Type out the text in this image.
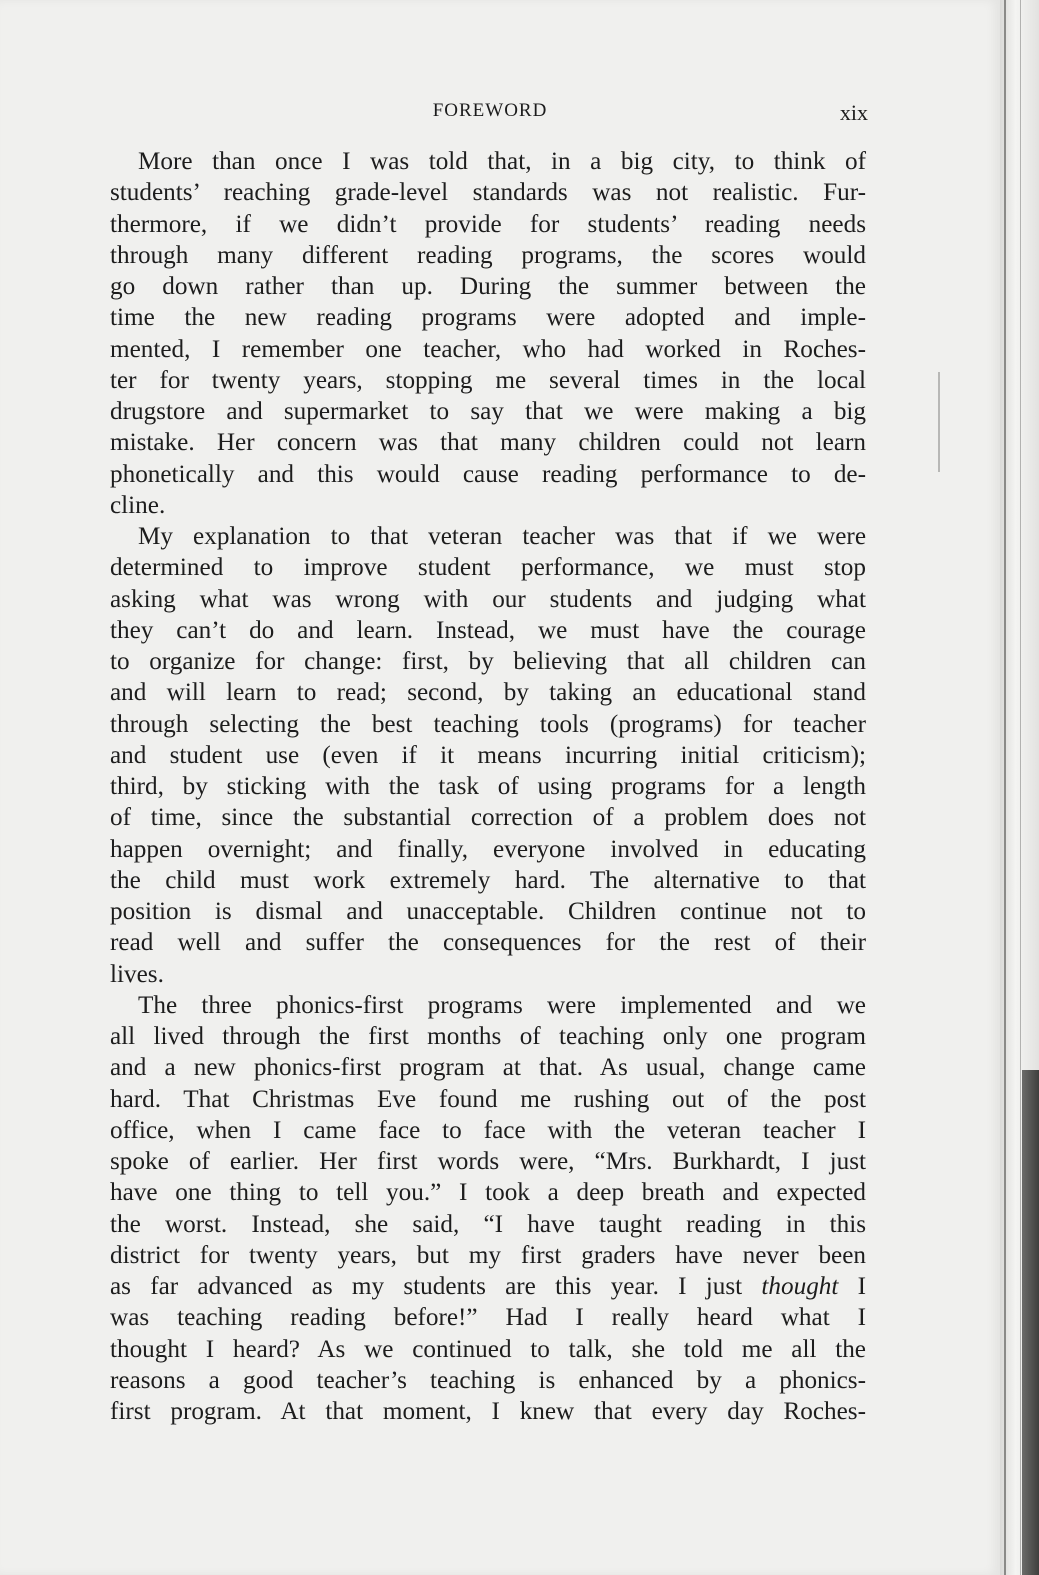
FOREWORD	xix

More than once I was told that, in a big city, to think of

students’ reaching grade-level standards was not realistic. Fur-

thermore, if we didn’t provide for students’ reading needs

through many different reading programs, the scores would

go down rather than up. During the summer between the

time the new reading programs were adopted and imple-

mented, I remember one teacher, who had worked in Roches-

ter for twenty years, stopping me several times in the local

drugstore and supermarket to say that we were making a big

mistake. Her concern was that many children could not learn

phonetically and this would cause reading performance to de-

cline.

My explanation to that veteran teacher was that if we were

determined to improve student performance, we must stop

asking what was wrong with our students and judging what

they can’t do and learn. Instead, we must have the courage

to organize for change: first, by believing that all children can

and will learn to read; second, by taking an educational stand

through selecting the best teaching tools (programs) for teacher

and student use (even if it means incurring initial criticism);

third, by sticking with the task of using programs for a length

of time, since the substantial correction of a problem does not

happen overnight; and finally, everyone involved in educating

the child must work extremely hard. The alternative to that

position is dismal and unacceptable. Children continue not to

read well and suffer the consequences for the rest of their

lives.

The three phonics-first programs were implemented and we

all lived through the first months of teaching only one program

and a new phonics-first program at that. As usual, change came

hard. That Christmas Eve found me rushing out of the post

office, when I came face to face with the veteran teacher I

spoke of earlier. Her first words were, “Mrs. Burkhardt, I just

have one thing to tell you.” I took a deep breath and expected

the worst. Instead, she said, “I have taught reading in this

district for twenty years, but my first graders have never been

as far advanced as my students are this year. I just thought I

was teaching reading before!” Had I really heard what I

thought I heard? As we continued to talk, she told me all the

reasons a good teacher’s teaching is enhanced by a phonics-

first program. At that moment, I knew that every day Roches-
